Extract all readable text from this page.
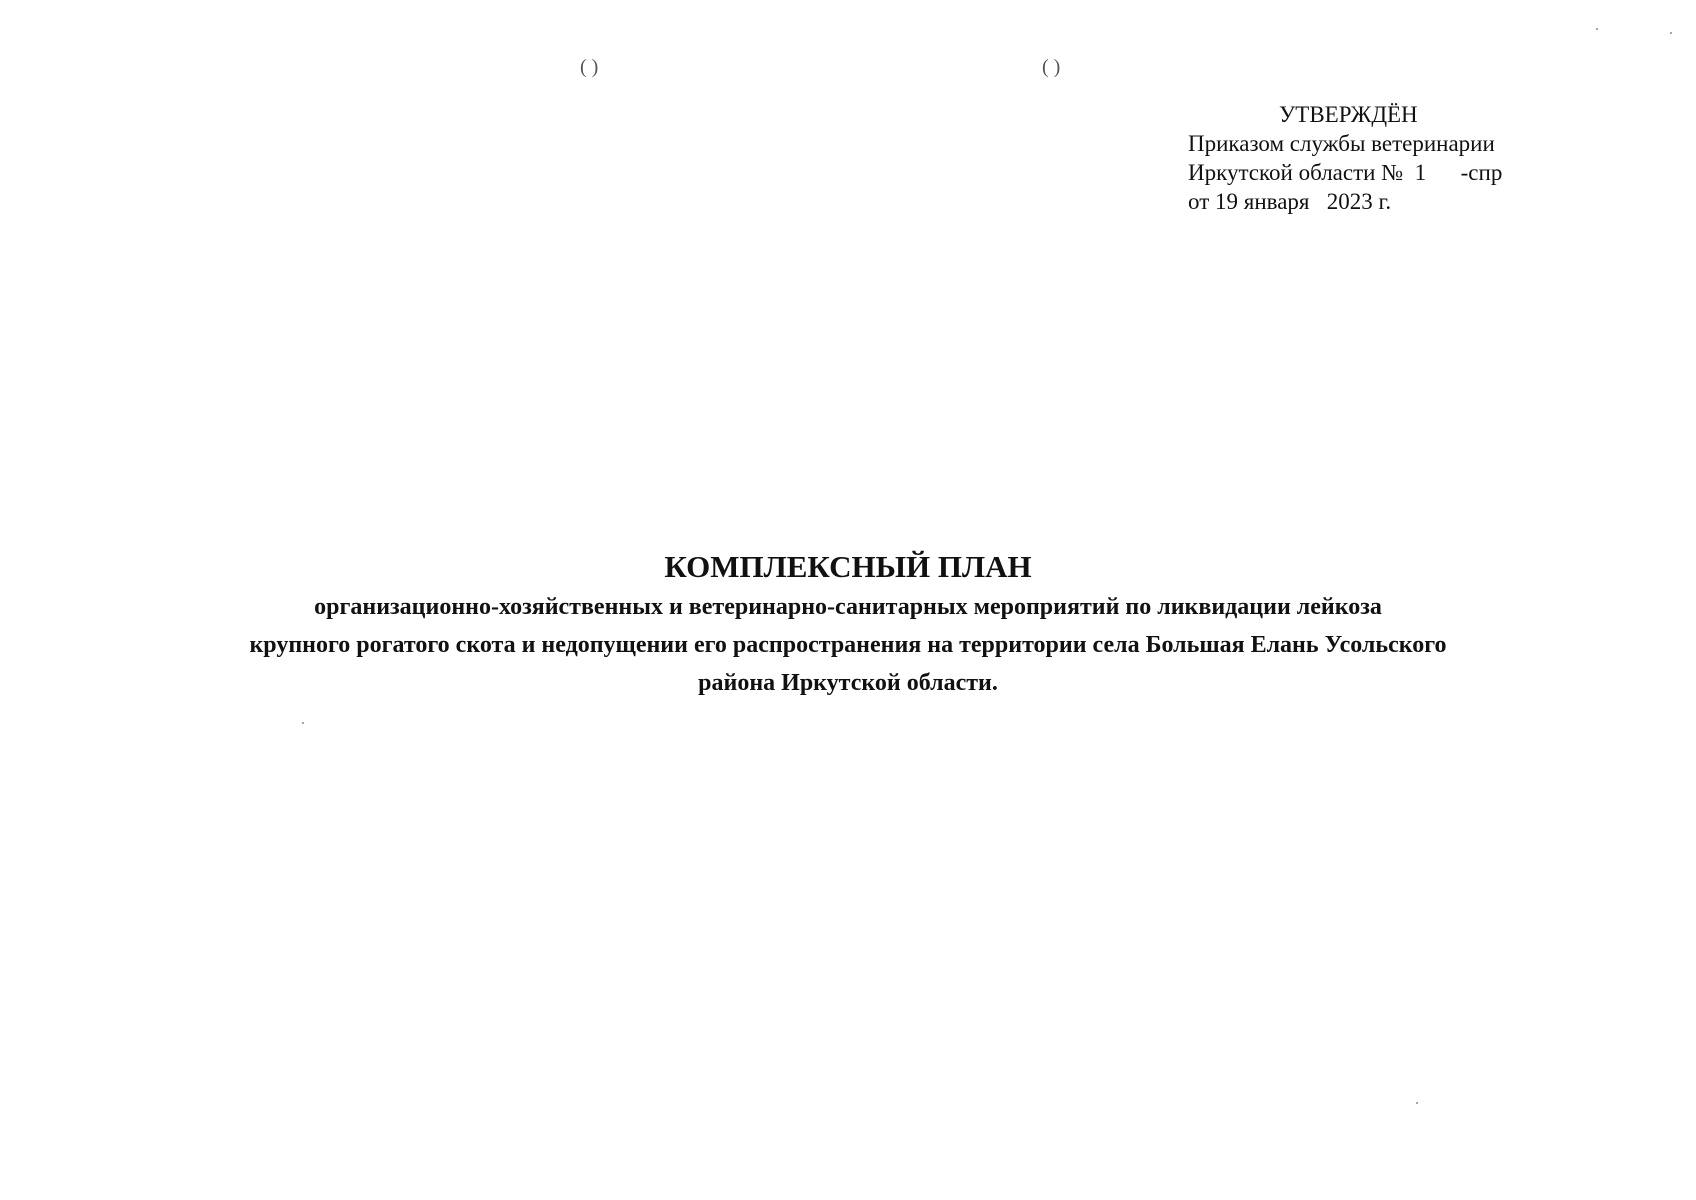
( )	( )
УТВЕРЖДЁН
Приказом службы ветеринарии
Иркутской области №  1      -спр
от 19 января   2023 г.
КОМПЛЕКСНЫЙ ПЛАН

организационно-хозяйственных и ветеринарно-санитарных мероприятий по ликвидации лейкоза
крупного рогатого скота и недопущении его распространения на территории села Большая Елань Усольского
района Иркутской области.
